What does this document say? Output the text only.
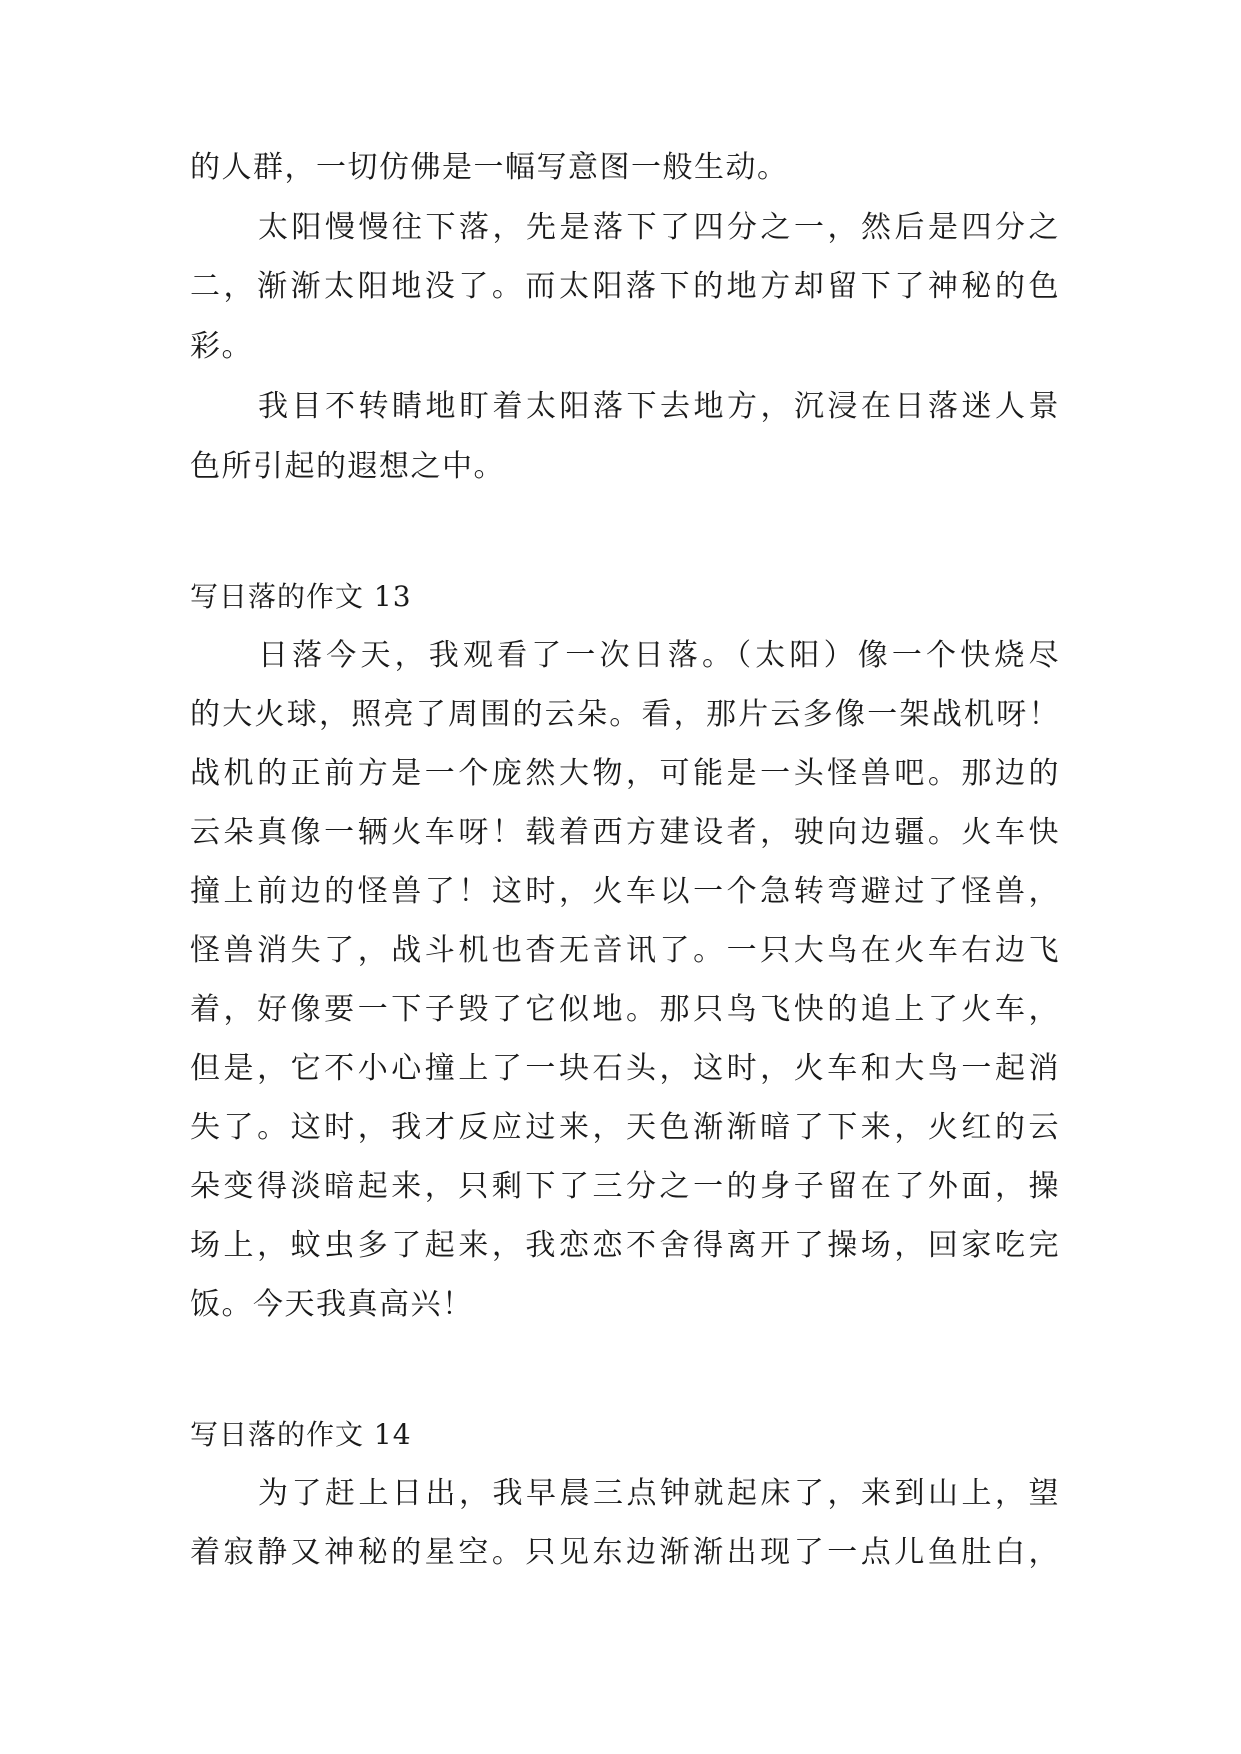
的人群，一切仿佛是一幅写意图一般生动。
太阳慢慢往下落，先是落下了四分之一，然后是四分之
二，渐渐太阳地没了。而太阳落下的地方却留下了神秘的色
彩。
我目不转睛地盯着太阳落下去地方，沉浸在日落迷人景
色所引起的遐想之中。
写日落的作文 13
日落今天，我观看了一次日落。（太阳）像一个快烧尽
的大火球，照亮了周围的云朵。看，那片云多像一架战机呀！
战机的正前方是一个庞然大物，可能是一头怪兽吧。那边的
云朵真像一辆火车呀！载着西方建设者，驶向边疆。火车快
撞上前边的怪兽了！这时，火车以一个急转弯避过了怪兽，
怪兽消失了，战斗机也杳无音讯了。一只大鸟在火车右边飞
着，好像要一下子毁了它似地。那只鸟飞快的追上了火车，
但是，它不小心撞上了一块石头，这时，火车和大鸟一起消
失了。这时，我才反应过来，天色渐渐暗了下来，火红的云
朵变得淡暗起来，只剩下了三分之一的身子留在了外面，操
场上，蚊虫多了起来，我恋恋不舍得离开了操场，回家吃完
饭。今天我真高兴！
写日落的作文 14
为了赶上日出，我早晨三点钟就起床了，来到山上，望
着寂静又神秘的星空。只见东边渐渐出现了一点儿鱼肚白，
